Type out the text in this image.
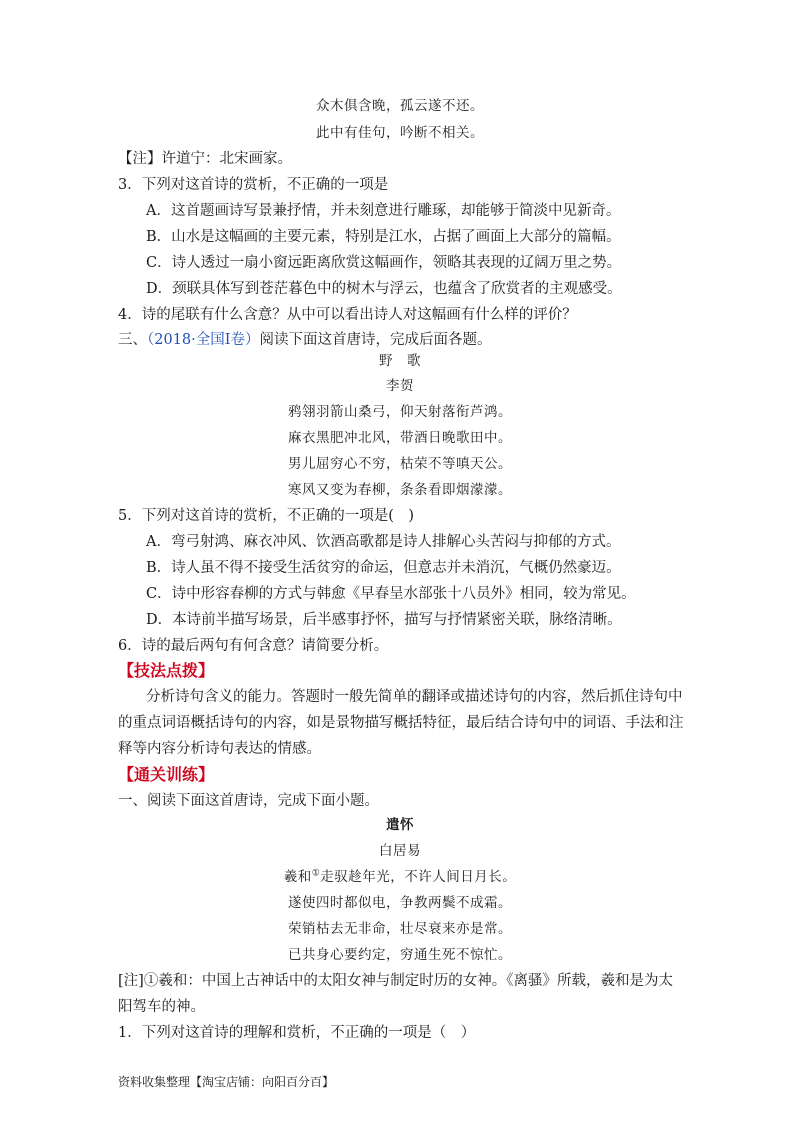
众木俱含晚，孤云遂不还。
此中有佳句，吟断不相关。
【注】许道宁：北宋画家。
3．下列对这首诗的赏析，不正确的一项是
A．这首题画诗写景兼抒情，并未刻意进行雕琢，却能够于简淡中见新奇。
B．山水是这幅画的主要元素，特别是江水，占据了画面上大部分的篇幅。
C．诗人透过一扇小窗远距离欣赏这幅画作，领略其表现的辽阔万里之势。
D．颈联具体写到苍茫暮色中的树木与浮云，也蕴含了欣赏者的主观感受。
4．诗的尾联有什么含意？从中可以看出诗人对这幅画有什么样的评价？
三、（2018·全国Ⅰ卷）阅读下面这首唐诗，完成后面各题。
野　歌
李贺
鸦翎羽箭山桑弓，仰天射落衔芦鸿。
麻衣黑肥冲北风，带酒日晚歌田中。
男儿屈穷心不穷，枯荣不等嗔天公。
寒风又变为春柳，条条看即烟濛濛。
5．下列对这首诗的赏析，不正确的一项是(　)
A．弯弓射鸿、麻衣冲风、饮酒高歌都是诗人排解心头苦闷与抑郁的方式。
B．诗人虽不得不接受生活贫穷的命运，但意志并未消沉，气概仍然豪迈。
C．诗中形容春柳的方式与韩愈《早春呈水部张十八员外》相同，较为常见。
D．本诗前半描写场景，后半感事抒怀，描写与抒情紧密关联，脉络清晰。
6．诗的最后两句有何含意？请简要分析。
【技法点拨】
分析诗句含义的能力。答题时一般先简单的翻译或描述诗句的内容，然后抓住诗句中
的重点词语概括诗句的内容，如是景物描写概括特征，最后结合诗句中的词语、手法和注
释等内容分析诗句表达的情感。
【通关训练】
一、阅读下面这首唐诗，完成下面小题。
遣怀
白居易
羲和①走驭趁年光，不许人间日月长。
遂使四时都似电，争教两鬓不成霜。
荣销枯去无非命，壮尽衰来亦是常。
已共身心要约定，穷通生死不惊忙。
[注]①羲和：中国上古神话中的太阳女神与制定时历的女神。《离骚》所载，羲和是为太
阳驾车的神。
1．下列对这首诗的理解和赏析，不正确的一项是（　）
资料收集整理【淘宝店铺：向阳百分百】
